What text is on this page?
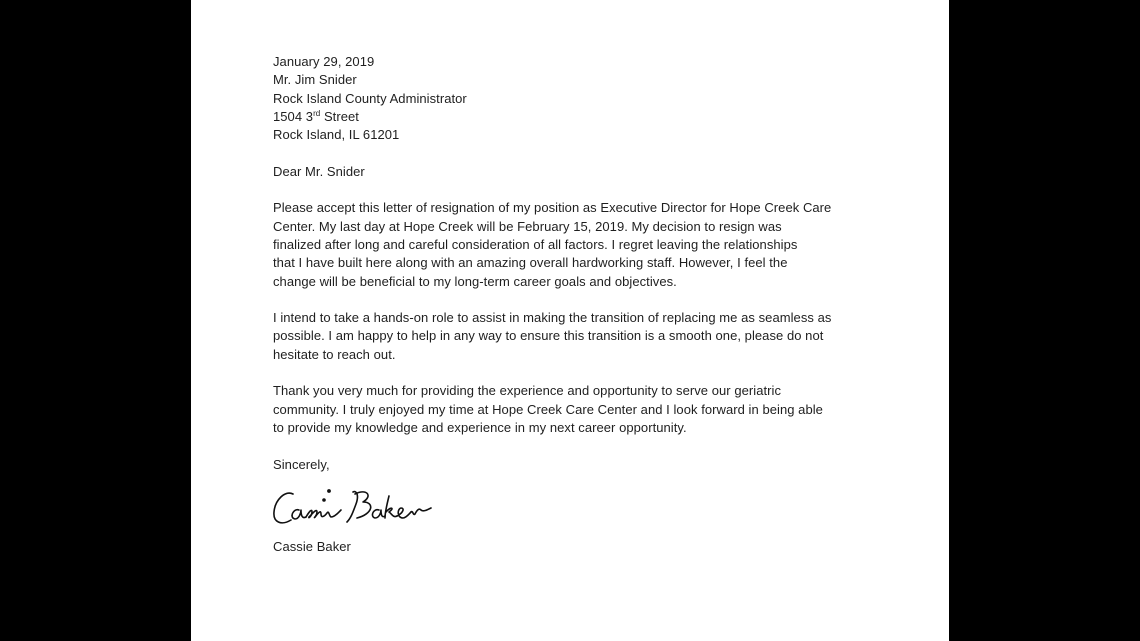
January 29, 2019
Mr. Jim Snider
Rock Island County Administrator
1504 3rd Street
Rock Island, IL 61201
Dear Mr. Snider
Please accept this letter of resignation of my position as Executive Director for Hope Creek Care
Center. My last day at Hope Creek will be February 15, 2019. My decision to resign was
finalized after long and careful consideration of all factors. I regret leaving the relationships
that I have built here along with an amazing overall hardworking staff. However, I feel the
change will be beneficial to my long-term career goals and objectives.
I intend to take a hands-on role to assist in making the transition of replacing me as seamless as
possible. I am happy to help in any way to ensure this transition is a smooth one, please do not
hesitate to reach out.
Thank you very much for providing the experience and opportunity to serve our geriatric
community. I truly enjoyed my time at Hope Creek Care Center and I look forward in being able
to provide my knowledge and experience in my next career opportunity.
Sincerely,
Cassie Baker
